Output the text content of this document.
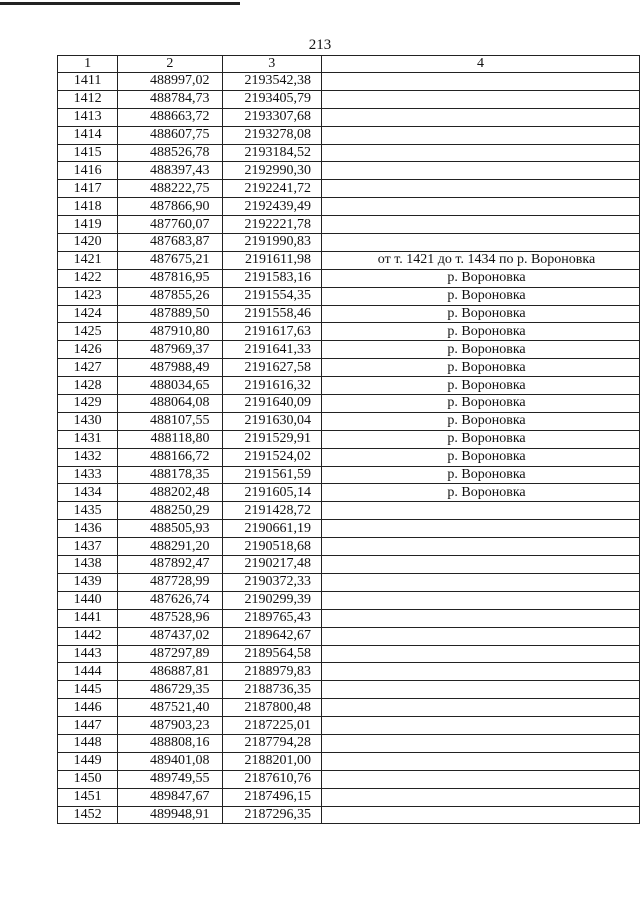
213
1	2	3	4
1411	488997,02	2193542,38	
1412	488784,73	2193405,79	
1413	488663,72	2193307,68	
1414	488607,75	2193278,08	
1415	488526,78	2193184,52	
1416	488397,43	2192990,30	
1417	488222,75	2192241,72	
1418	487866,90	2192439,49	
1419	487760,07	2192221,78	
1420	487683,87	2191990,83	
1421	487675,21	2191611,98	от т. 1421 до т. 1434 по р. Вороновка
1422	487816,95	2191583,16	р. Вороновка
1423	487855,26	2191554,35	р. Вороновка
1424	487889,50	2191558,46	р. Вороновка
1425	487910,80	2191617,63	р. Вороновка
1426	487969,37	2191641,33	р. Вороновка
1427	487988,49	2191627,58	р. Вороновка
1428	488034,65	2191616,32	р. Вороновка
1429	488064,08	2191640,09	р. Вороновка
1430	488107,55	2191630,04	р. Вороновка
1431	488118,80	2191529,91	р. Вороновка
1432	488166,72	2191524,02	р. Вороновка
1433	488178,35	2191561,59	р. Вороновка
1434	488202,48	2191605,14	р. Вороновка
1435	488250,29	2191428,72	
1436	488505,93	2190661,19	
1437	488291,20	2190518,68	
1438	487892,47	2190217,48	
1439	487728,99	2190372,33	
1440	487626,74	2190299,39	
1441	487528,96	2189765,43	
1442	487437,02	2189642,67	
1443	487297,89	2189564,58	
1444	486887,81	2188979,83	
1445	486729,35	2188736,35	
1446	487521,40	2187800,48	
1447	487903,23	2187225,01	
1448	488808,16	2187794,28	
1449	489401,08	2188201,00	
1450	489749,55	2187610,76	
1451	489847,67	2187496,15	
1452	489948,91	2187296,35	
